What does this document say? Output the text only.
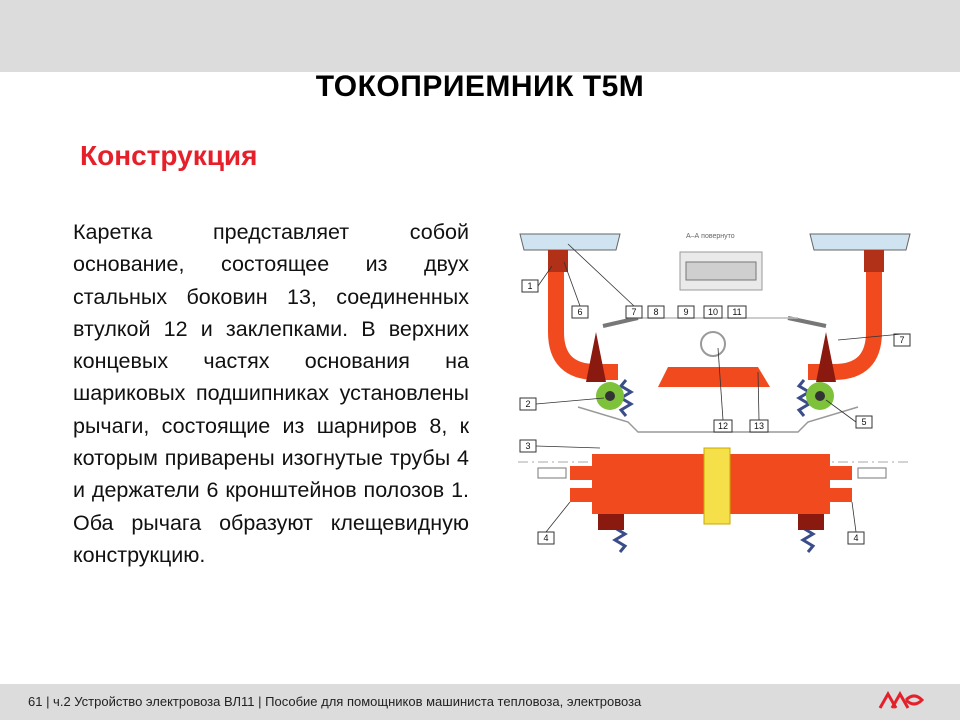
ТОКОПРИЕМНИК Т5М
Конструкция
Каретка представляет собой основание, состоящее из двух стальных боковин 13, соединенных втулкой 12 и заклепками. В верхних концевых частях основания на шариковых подшипниках установлены рычаги, состоящие из шарниров 8, к которым приварены изогнутые трубы 4 и держатели 6 кронштейнов полозов 1. Оба рычага образуют клещевидную конструкцию.
А–А повернуто
1
6	7 8	9 10 11
7
2
5
12	13
3
4	4
61 | ч.2 Устройство электровоза ВЛ11 | Пособие для помощников машиниста тепловоза, электровоза
